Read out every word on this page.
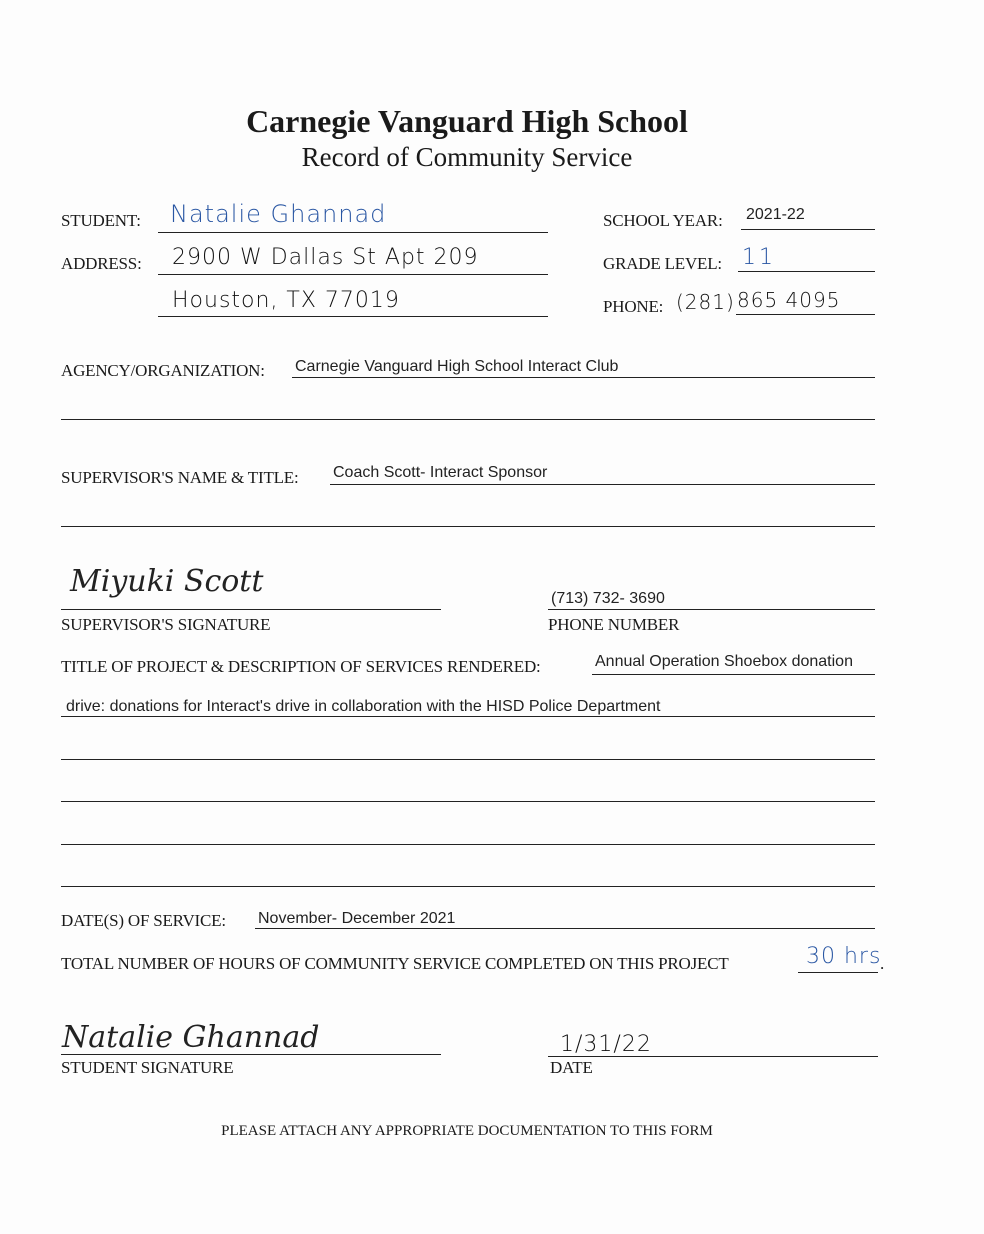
Carnegie Vanguard High School
Record of Community Service
STUDENT: Natalie Ghannad
ADDRESS: 2900 W Dallas St Apt 209
Houston, TX 77019
SCHOOL YEAR: 2021-22
GRADE LEVEL: 11
PHONE: (281) 865 4095
AGENCY/ORGANIZATION: Carnegie Vanguard High School Interact Club
SUPERVISOR'S NAME & TITLE: Coach Scott- Interact Sponsor
Miyuki Scott
SUPERVISOR'S SIGNATURE
(713) 732- 3690
PHONE NUMBER
TITLE OF PROJECT & DESCRIPTION OF SERVICES RENDERED:	Annual Operation Shoebox donation
drive: donations for Interact's drive in collaboration with the HISD Police Department
DATE(S) OF SERVICE: November- December 2021
TOTAL NUMBER OF HOURS OF COMMUNITY SERVICE COMPLETED ON THIS PROJECT	30 hrs
.
Natalie Ghannad
STUDENT SIGNATURE
1/31/22
DATE
PLEASE ATTACH ANY APPROPRIATE DOCUMENTATION TO THIS FORM
